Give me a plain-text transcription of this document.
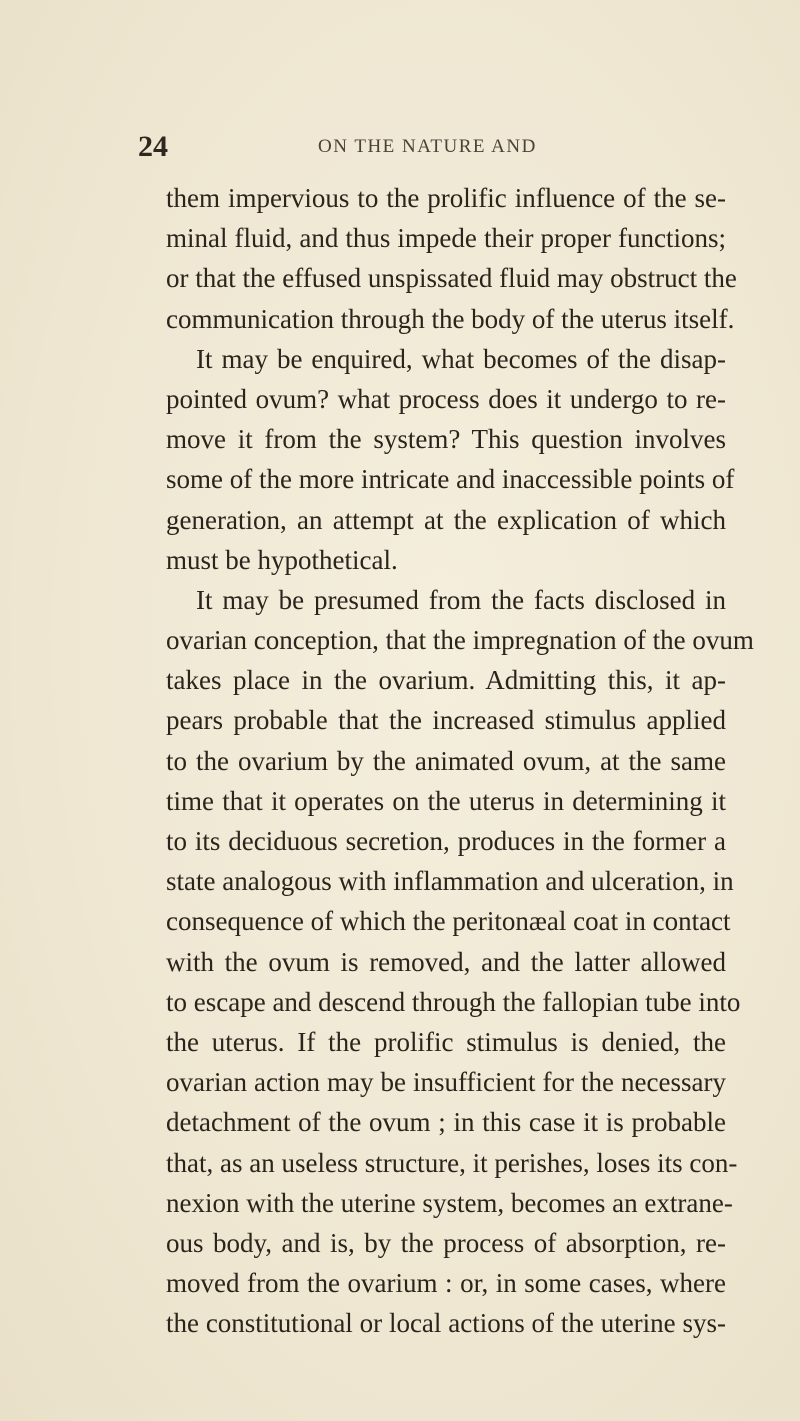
24	ON THE NATURE AND
them impervious to the prolific influence of the se-
minal fluid, and thus impede their proper functions;
or that the effused unspissated fluid may obstruct the
communication through the body of the uterus itself.
It may be enquired, what becomes of the disap-
pointed ovum? what process does it undergo to re-
move it from the system? This question involves
some of the more intricate and inaccessible points of
generation, an attempt at the explication of which
must be hypothetical.
It may be presumed from the facts disclosed in
ovarian conception, that the impregnation of the ovum
takes place in the ovarium. Admitting this, it ap-
pears probable that the increased stimulus applied
to the ovarium by the animated ovum, at the same
time that it operates on the uterus in determining it
to its deciduous secretion, produces in the former a
state analogous with inflammation and ulceration, in
consequence of which the peritonæal coat in contact
with the ovum is removed, and the latter allowed
to escape and descend through the fallopian tube into
the uterus. If the prolific stimulus is denied, the
ovarian action may be insufficient for the necessary
detachment of the ovum ; in this case it is probable
that, as an useless structure, it perishes, loses its con-
nexion with the uterine system, becomes an extrane-
ous body, and is, by the process of absorption, re-
moved from the ovarium : or, in some cases, where
the constitutional or local actions of the uterine sys-
